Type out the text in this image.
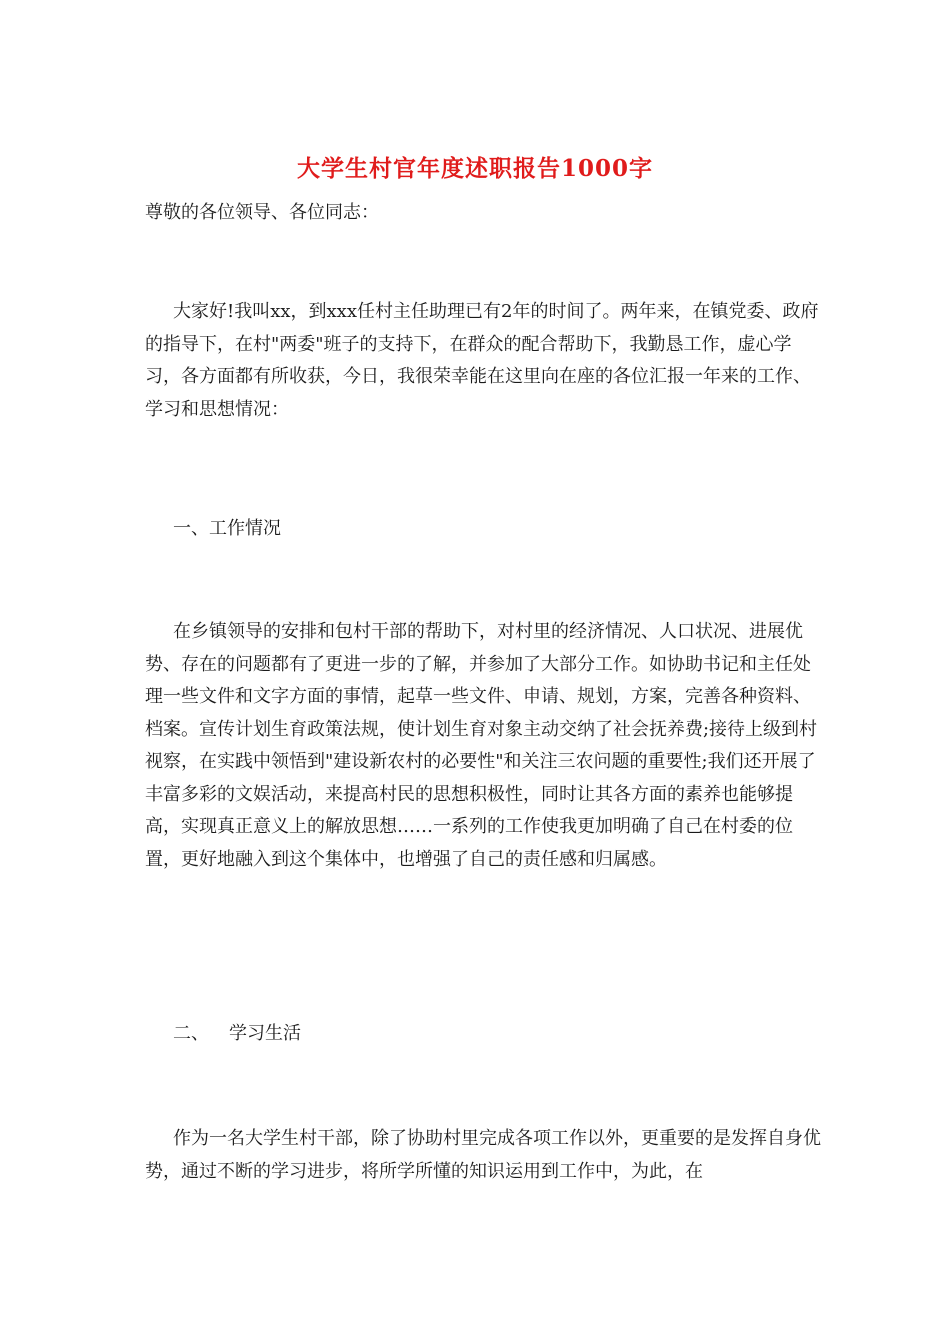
大学生村官年度述职报告1000字
尊敬的各位领导、各位同志：

大家好!我叫xx，到xxx任村主任助理已有2年的时间了。两年来，在镇党委、政府的指导下，在村"两委"班子的支持下，在群众的配合帮助下，我勤恳工作，虚心学习，各方面都有所收获，今日，我很荣幸能在这里向在座的各位汇报一年来的工作、学习和思想情况：

一、工作情况

在乡镇领导的安排和包村干部的帮助下，对村里的经济情况、人口状况、进展优势、存在的问题都有了更进一步的了解，并参加了大部分工作。如协助书记和主任处理一些文件和文字方面的事情，起草一些文件、申请、规划，方案，完善各种资料、档案。宣传计划生育政策法规，使计划生育对象主动交纳了社会抚养费;接待上级到村视察，在实践中领悟到"建设新农村的必要性"和关注三农问题的重要性;我们还开展了丰富多彩的文娱活动，来提高村民的思想积极性，同时让其各方面的素养也能够提高，实现真正意义上的解放思想……一系列的工作使我更加明确了自己在村委的位置，更好地融入到这个集体中，也增强了自己的责任感和归属感。

二、 学习生活

作为一名大学生村干部，除了协助村里完成各项工作以外，更重要的是发挥自身优势，通过不断的学习进步，将所学所懂的知识运用到工作中，为此，在
